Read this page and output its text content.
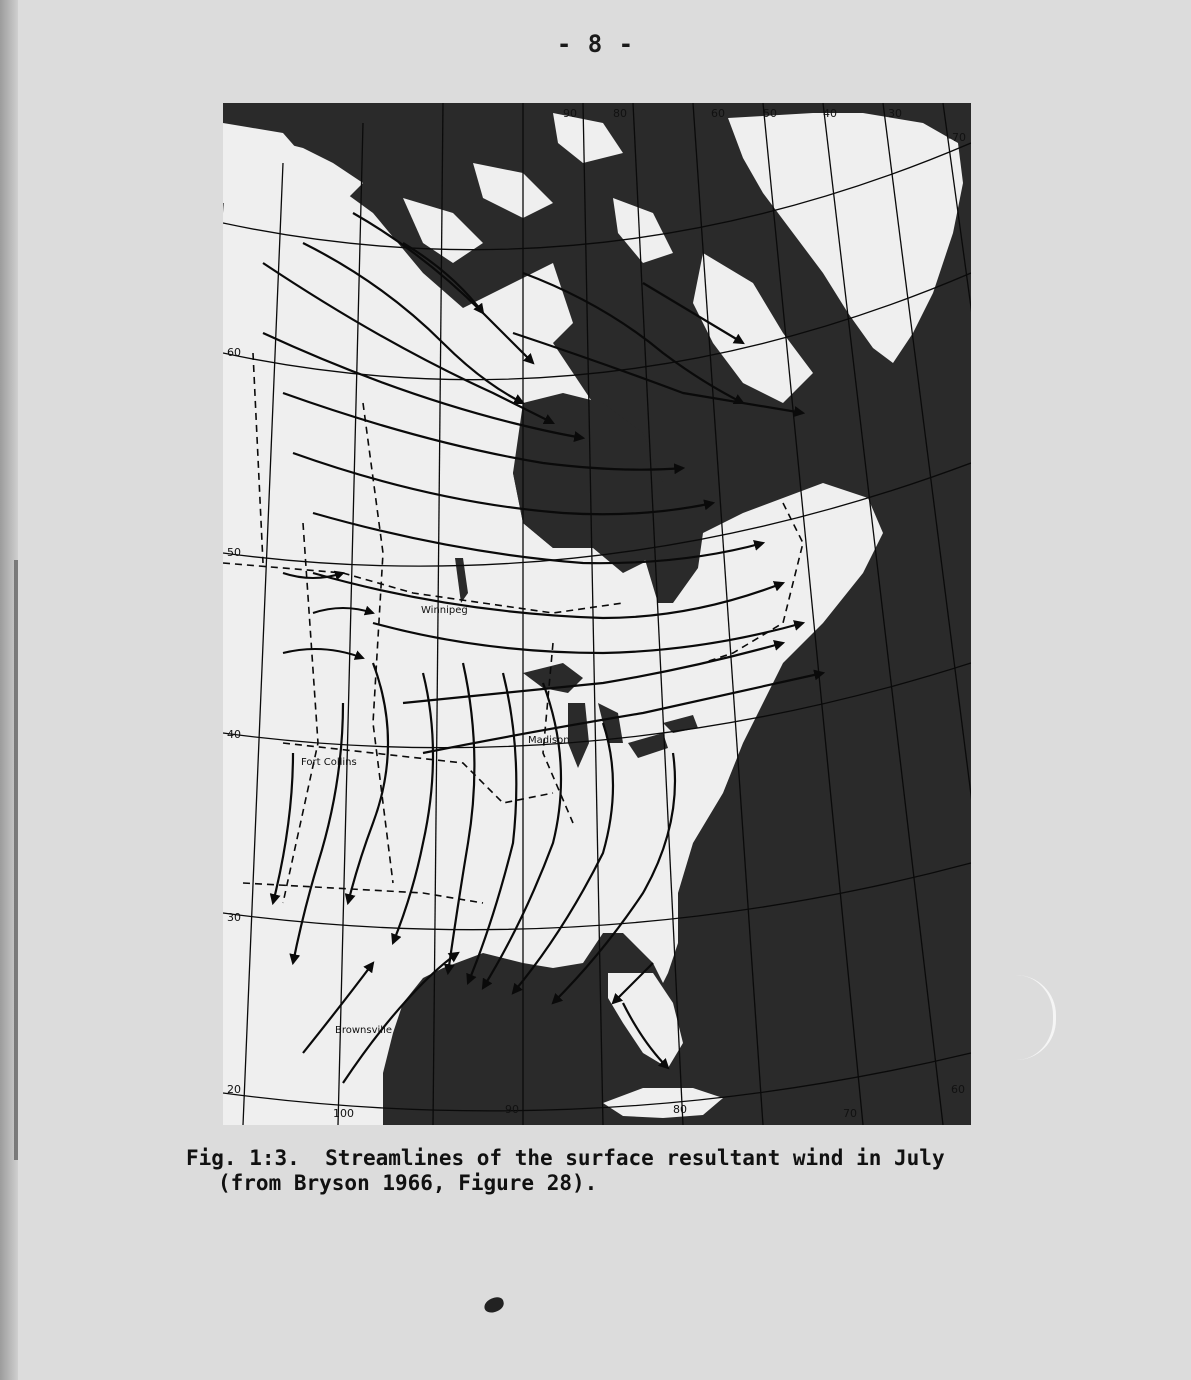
- 8 -
90	80	60	50	40	30
-70
100	90	80	70
60
60
50
40
30
20
Winnipeg
Madison
Fort Collins
Brownsville
Fig. 1:3.  Streamlines of the surface resultant wind in July
(from Bryson 1966, Figure 28).
